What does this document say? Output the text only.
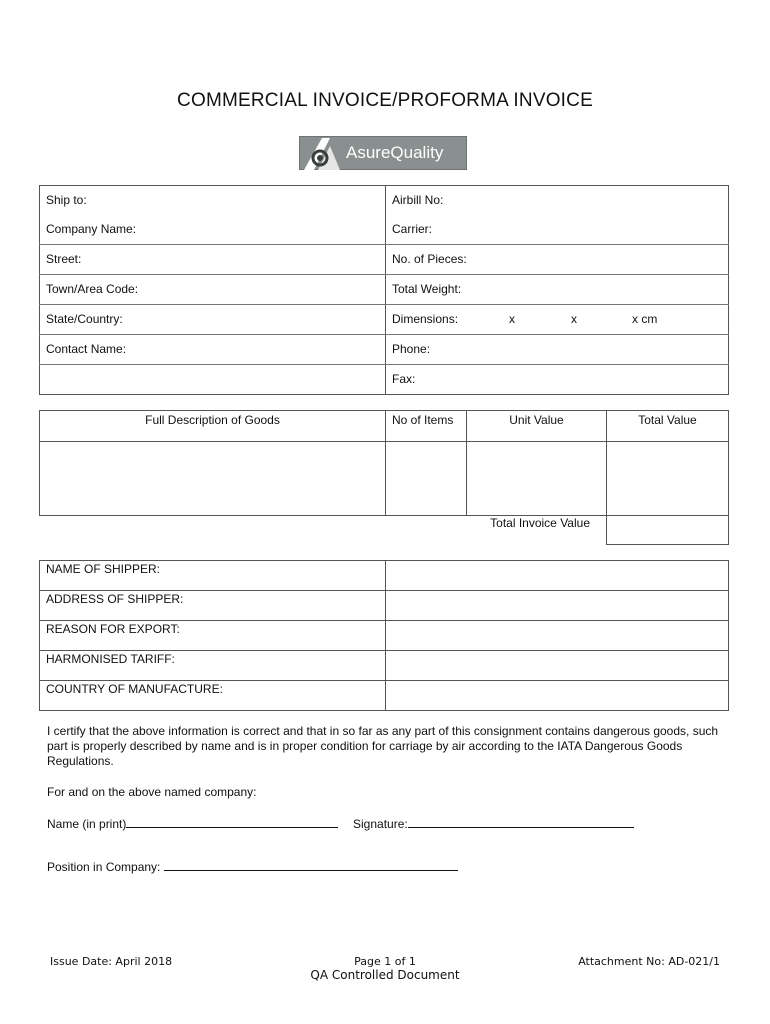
COMMERCIAL INVOICE/PROFORMA INVOICE
AsureQuality
Ship to:	Airbill No:
Company Name:	Carrier:
Street:	No. of Pieces:
Town/Area Code:	Total Weight:
State/Country:	Dimensions: x x x cm
Contact Name:	Phone:
	Fax:
Full Description of Goods	No of Items	Unit Value	Total Value

Total Invoice Value
NAME OF SHIPPER:	
ADDRESS OF SHIPPER:	
REASON FOR EXPORT:	
HARMONISED TARIFF:	
COUNTRY OF MANUFACTURE:	
I certify that the above information is correct and that in so far as any part of this consignment contains dangerous goods, such part is properly described by name and is in proper condition for carriage by air according to the IATA Dangerous Goods Regulations.
For and on the above named company:
Name (in print)	Signature:
Position in Company:
Issue Date: April 2018	Page 1 of 1
QA Controlled Document
Attachment No: AD-021/1
